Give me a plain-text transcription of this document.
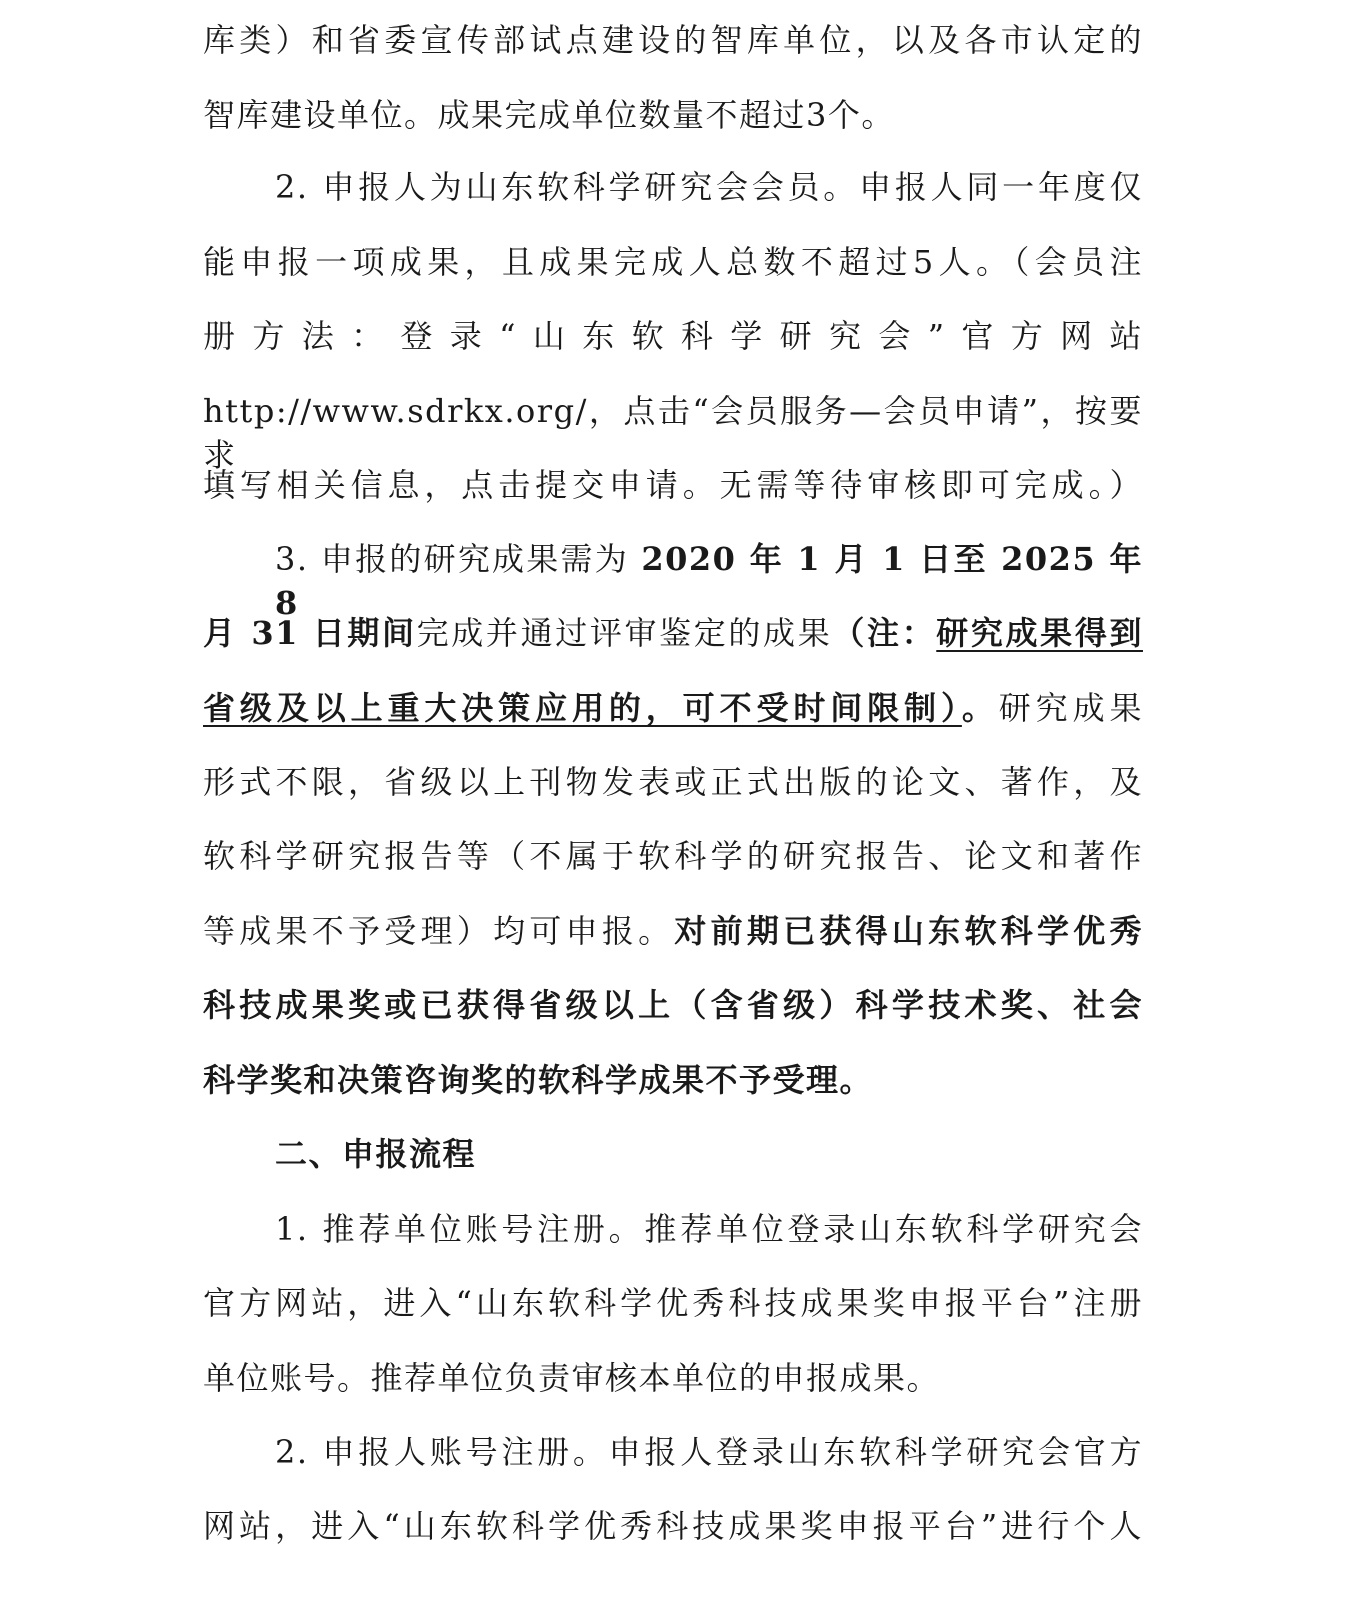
库类）和省委宣传部试点建设的智库单位，以及各市认定的
智库建设单位。成果完成单位数量不超过3个。
2. 申报人为山东软科学研究会会员。申报人同一年度仅
能申报一项成果，且成果完成人总数不超过5人。（会员注
册方法：登录“山东软科学研究会”官方网站
http://www.sdrkx.org/，点击“会员服务—会员申请”，按要求
填写相关信息，点击提交申请。无需等待审核即可完成。）
3. 申报的研究成果需为 2020 年 1 月 1 日至 2025 年 8
月 31 日期间完成并通过评审鉴定的成果（注：研究成果得到
省级及以上重大决策应用的，可不受时间限制）。研究成果
形式不限，省级以上刊物发表或正式出版的论文、著作，及
软科学研究报告等（不属于软科学的研究报告、论文和著作
等成果不予受理）均可申报。对前期已获得山东软科学优秀
科技成果奖或已获得省级以上（含省级）科学技术奖、社会
科学奖和决策咨询奖的软科学成果不予受理。
二、申报流程
1. 推荐单位账号注册。推荐单位登录山东软科学研究会
官方网站，进入“山东软科学优秀科技成果奖申报平台”注册
单位账号。推荐单位负责审核本单位的申报成果。
2. 申报人账号注册。申报人登录山东软科学研究会官方
网站，进入“山东软科学优秀科技成果奖申报平台”进行个人
